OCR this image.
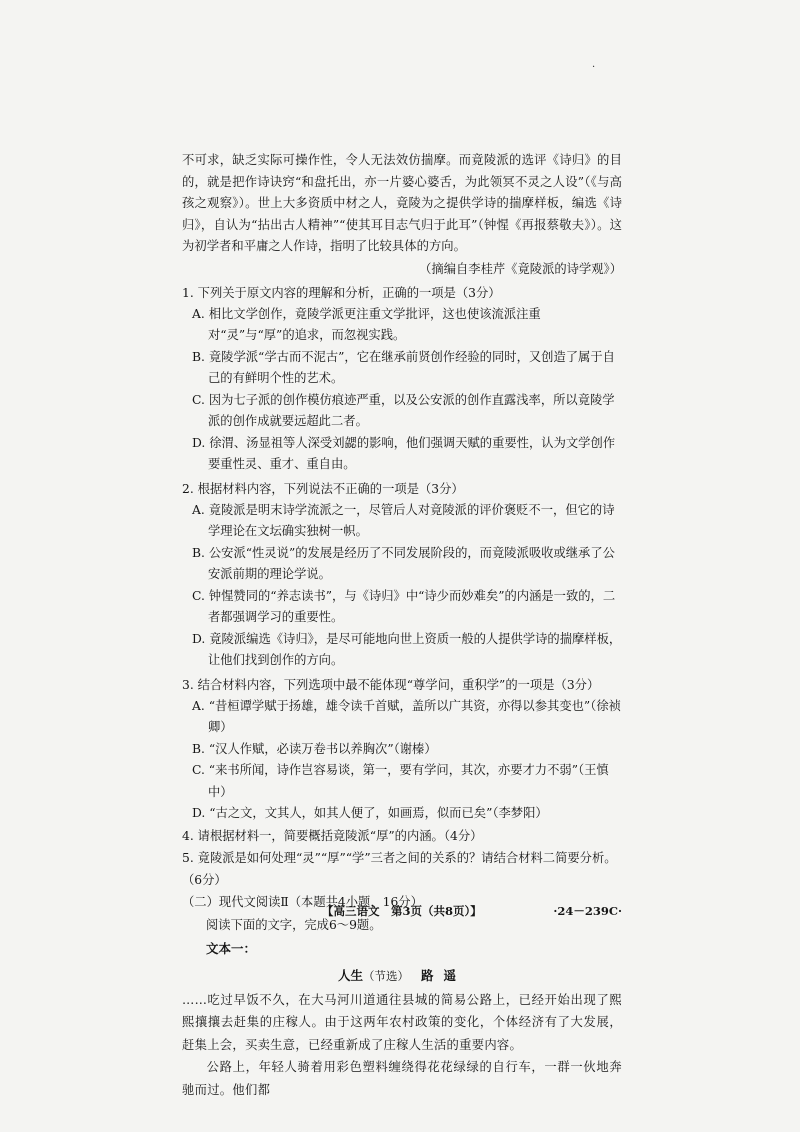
·

不可求，缺乏实际可操作性，令人无法效仿揣摩。而竟陵派的选评《诗归》的目的，就是把作诗诀窍“和盘托出，亦一片婆心婆舌，为此领冥不灵之人设”（《与高孩之观察》）。世上大多资质中材之人，竟陵为之提供学诗的揣摩样板，编选《诗归》，自认为“拈出古人精神”“使其耳目志气归于此耳”（钟惺《再报蔡敬夫》）。这为初学者和平庸之人作诗，指明了比较具体的方向。

（摘编自李桂芹《竟陵派的诗学观》）

1. 下列关于原文内容的理解和分析，正确的一项是（3分）

A. 相比文学创作，竟陵学派更注重文学批评，这也使该流派注重对“灵”与“厚”的追求，而忽视实践。

B. 竟陵学派“学古而不泥古”，它在继承前贤创作经验的同时，又创造了属于自己的有鲜明个性的艺术。

C. 因为七子派的创作模仿痕迹严重，以及公安派的创作直露浅率，所以竟陵学派的创作成就要远超此二者。

D. 徐渭、汤显祖等人深受刘勰的影响，他们强调天赋的重要性，认为文学创作要重性灵、重才、重自由。

2. 根据材料内容，下列说法不正确的一项是（3分）

A. 竟陵派是明末诗学流派之一，尽管后人对竟陵派的评价褒贬不一，但它的诗学理论在文坛确实独树一帜。

B. 公安派“性灵说”的发展是经历了不同发展阶段的，而竟陵派吸收或继承了公安派前期的理论学说。

C. 钟惺赞同的“养志读书”，与《诗归》中“诗少而妙难矣”的内涵是一致的，二者都强调学习的重要性。

D. 竟陵派编选《诗归》，是尽可能地向世上资质一般的人提供学诗的揣摩样板，让他们找到创作的方向。

3. 结合材料内容，下列选项中最不能体现“尊学问，重积学”的一项是（3分）

A. “昔桓谭学赋于扬雄，雄令读千首赋，盖所以广其资，亦得以参其变也”（徐祯卿）

B. “汉人作赋，必读万卷书以养胸次”（谢榛）

C. “来书所闻，诗作岂容易谈，第一，要有学问，其次，亦要才力不弱”（王慎中）

D. “古之文，文其人，如其人便了，如画焉，似而已矣”（李梦阳）

4. 请根据材料一，简要概括竟陵派“厚”的内涵。（4分）

5. 竟陵派是如何处理“灵”“厚”“学”三者之间的关系的？请结合材料二简要分析。（6分）

（二）现代文阅读Ⅱ（本题共4小题，16分）

阅读下面的文字，完成6～9题。

文本一：

人生（节选） 路遥

……吃过早饭不久，在大马河川道通往县城的简易公路上，已经开始出现了熙熙攘攘去赶集的庄稼人。由于这两年农村政策的变化，个体经济有了大发展，赶集上会，买卖生意，已经重新成了庄稼人生活的重要内容。

公路上，年轻人骑着用彩色塑料缠绕得花花绿绿的自行车，一群一伙地奔驰而过。他们都

【高三语文　第3页（共8页）】	·24－239C·
